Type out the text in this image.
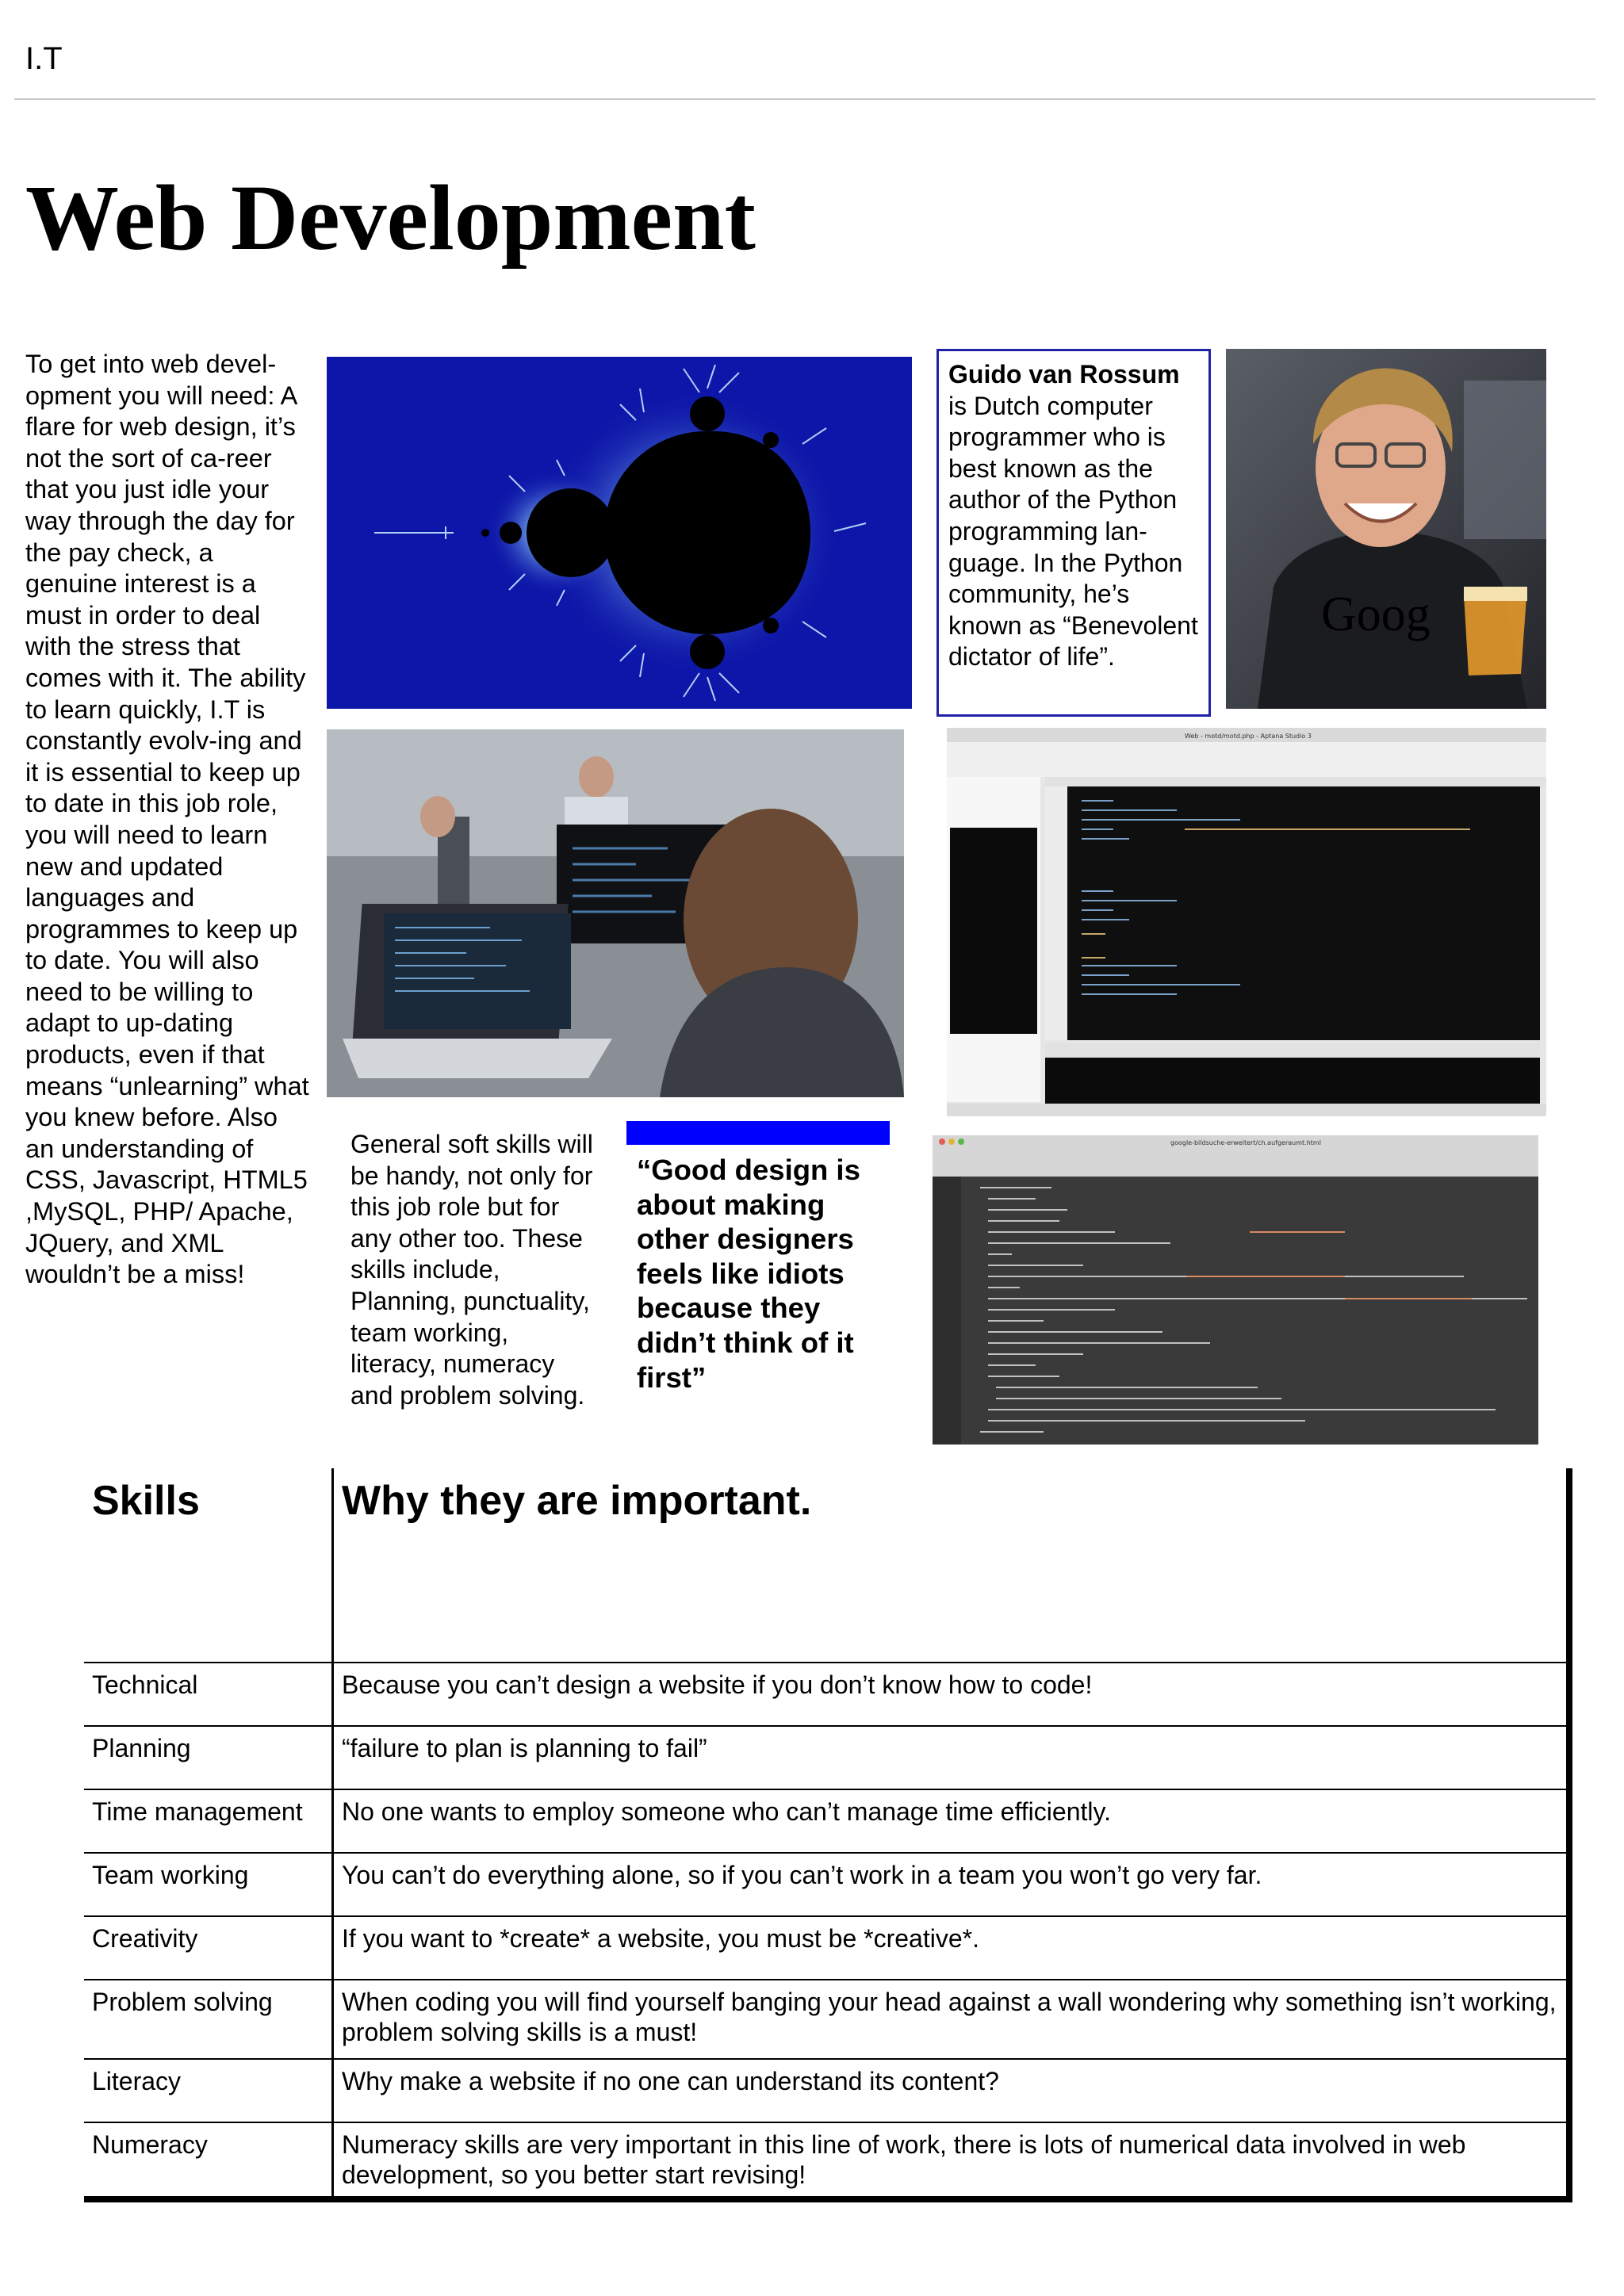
I.T
Web Development
To get into web devel-opment you will need: A flare for web design, it’s not the sort of ca-reer that you just idle your way through the day for the pay check, a genuine interest is a must in order to deal with the stress that comes with it. The ability to learn quickly, I.T is constantly evolv-ing and it is essential to keep up to date in this job role, you will need to learn new and updated languages and programmes to keep up to date. You will also need to be willing to adapt to up-dating products, even if that means “unlearning” what you knew before. Also an understanding of CSS, Javascript, HTML5 ,MySQL, PHP/ Apache, JQuery, and XML wouldn’t be a miss!
Guido van Rossum is Dutch computer programmer who is best known as the author of the Python programming lan-guage. In the Python community, he’s known as “Benevolent dictator of life”.
Goog
Web - motd/motd.php - Aptana Studio 3
General soft skills will be handy, not only for this job role but for any other too. These skills include, Planning, punctuality, team working, literacy, numeracy and problem solving.
“Good design is about making other designers feels like idiots because they didn’t think of it first”
google-bildsuche-erweitert/ch.aufgeraumt.html
Skills	Why they are important.
Technical	Because you can’t design a website if you don’t know how to code!
Planning	“failure to plan is planning to fail”
Time management	No one wants to employ someone who can’t manage time efficiently.
Team working	You can’t do everything alone, so if you can’t work in a team you won’t go very far.
Creativity	If you want to *create* a website, you must be *creative*.
Problem solving	When coding you will find yourself banging your head against a wall wondering why something isn’t working, problem solving skills is a must!
Literacy	Why make a website if no one can understand its content?
Numeracy	Numeracy skills are very important in this line of work, there is lots of numerical data involved in web development, so you better start revising!
